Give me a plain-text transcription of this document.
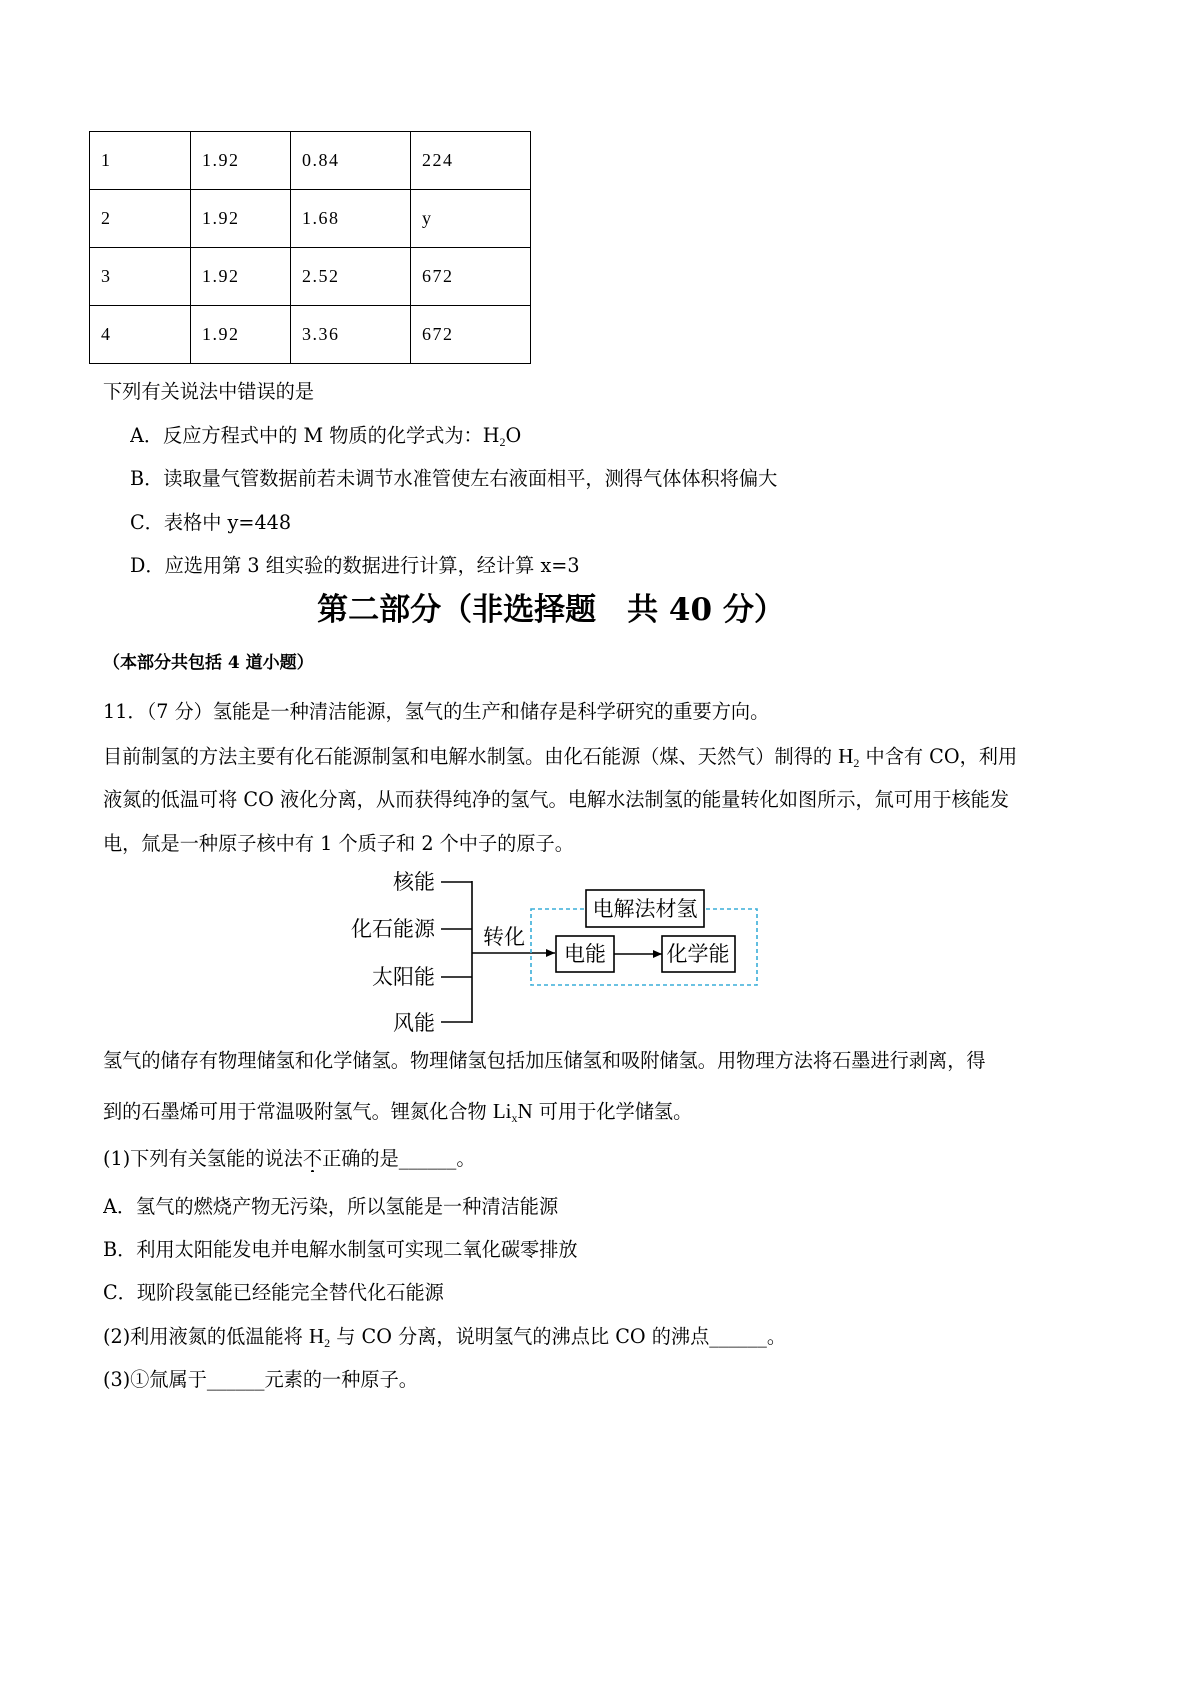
1	1.92	0.84	224
2	1.92	1.68	y
3	1.92	2.52	672
4	1.92	3.36	672
下列有关说法中错误的是
A．反应方程式中的 M 物质的化学式为：$H_2O$
B．读取量气管数据前若未调节水准管使左右液面相平，测得气体体积将偏大
C．表格中 y=448
D．应选用第 3 组实验的数据进行计算，经计算 x=3
第二部分（非选择题　共 40 分）
（本部分共包括 4 道小题）
11．（7 分）氢能是一种清洁能源，氢气的生产和储存是科学研究的重要方向。
目前制氢的方法主要有化石能源制氢和电解水制氢。由化石能源（煤、天然气）制得的 $H_2$ 中含有 CO，利用
液氮的低温可将 CO 液化分离，从而获得纯净的氢气。电解水法制氢的能量转化如图所示，氚可用于核能发
电，氚是一种原子核中有 1 个质子和 2 个中子的原子。
核能
化石能源
太阳能
风能
转化
电解法材氢
电能	化学能
氢气的储存有物理储氢和化学储氢。物理储氢包括加压储氢和吸附储氢。用物理方法将石墨进行剥离，得
到的石墨烯可用于常温吸附氢气。锂氮化合物 $Li_xN$ 可用于化学储氢。
(1)下列有关氢能的说法不正确的是______。
A．氢气的燃烧产物无污染，所以氢能是一种清洁能源
B．利用太阳能发电并电解水制氢可实现二氧化碳零排放
C．现阶段氢能已经能完全替代化石能源
(2)利用液氮的低温能将 $H_2$ 与 CO 分离，说明氢气的沸点比 CO 的沸点______。
(3)①氚属于______元素的一种原子。
